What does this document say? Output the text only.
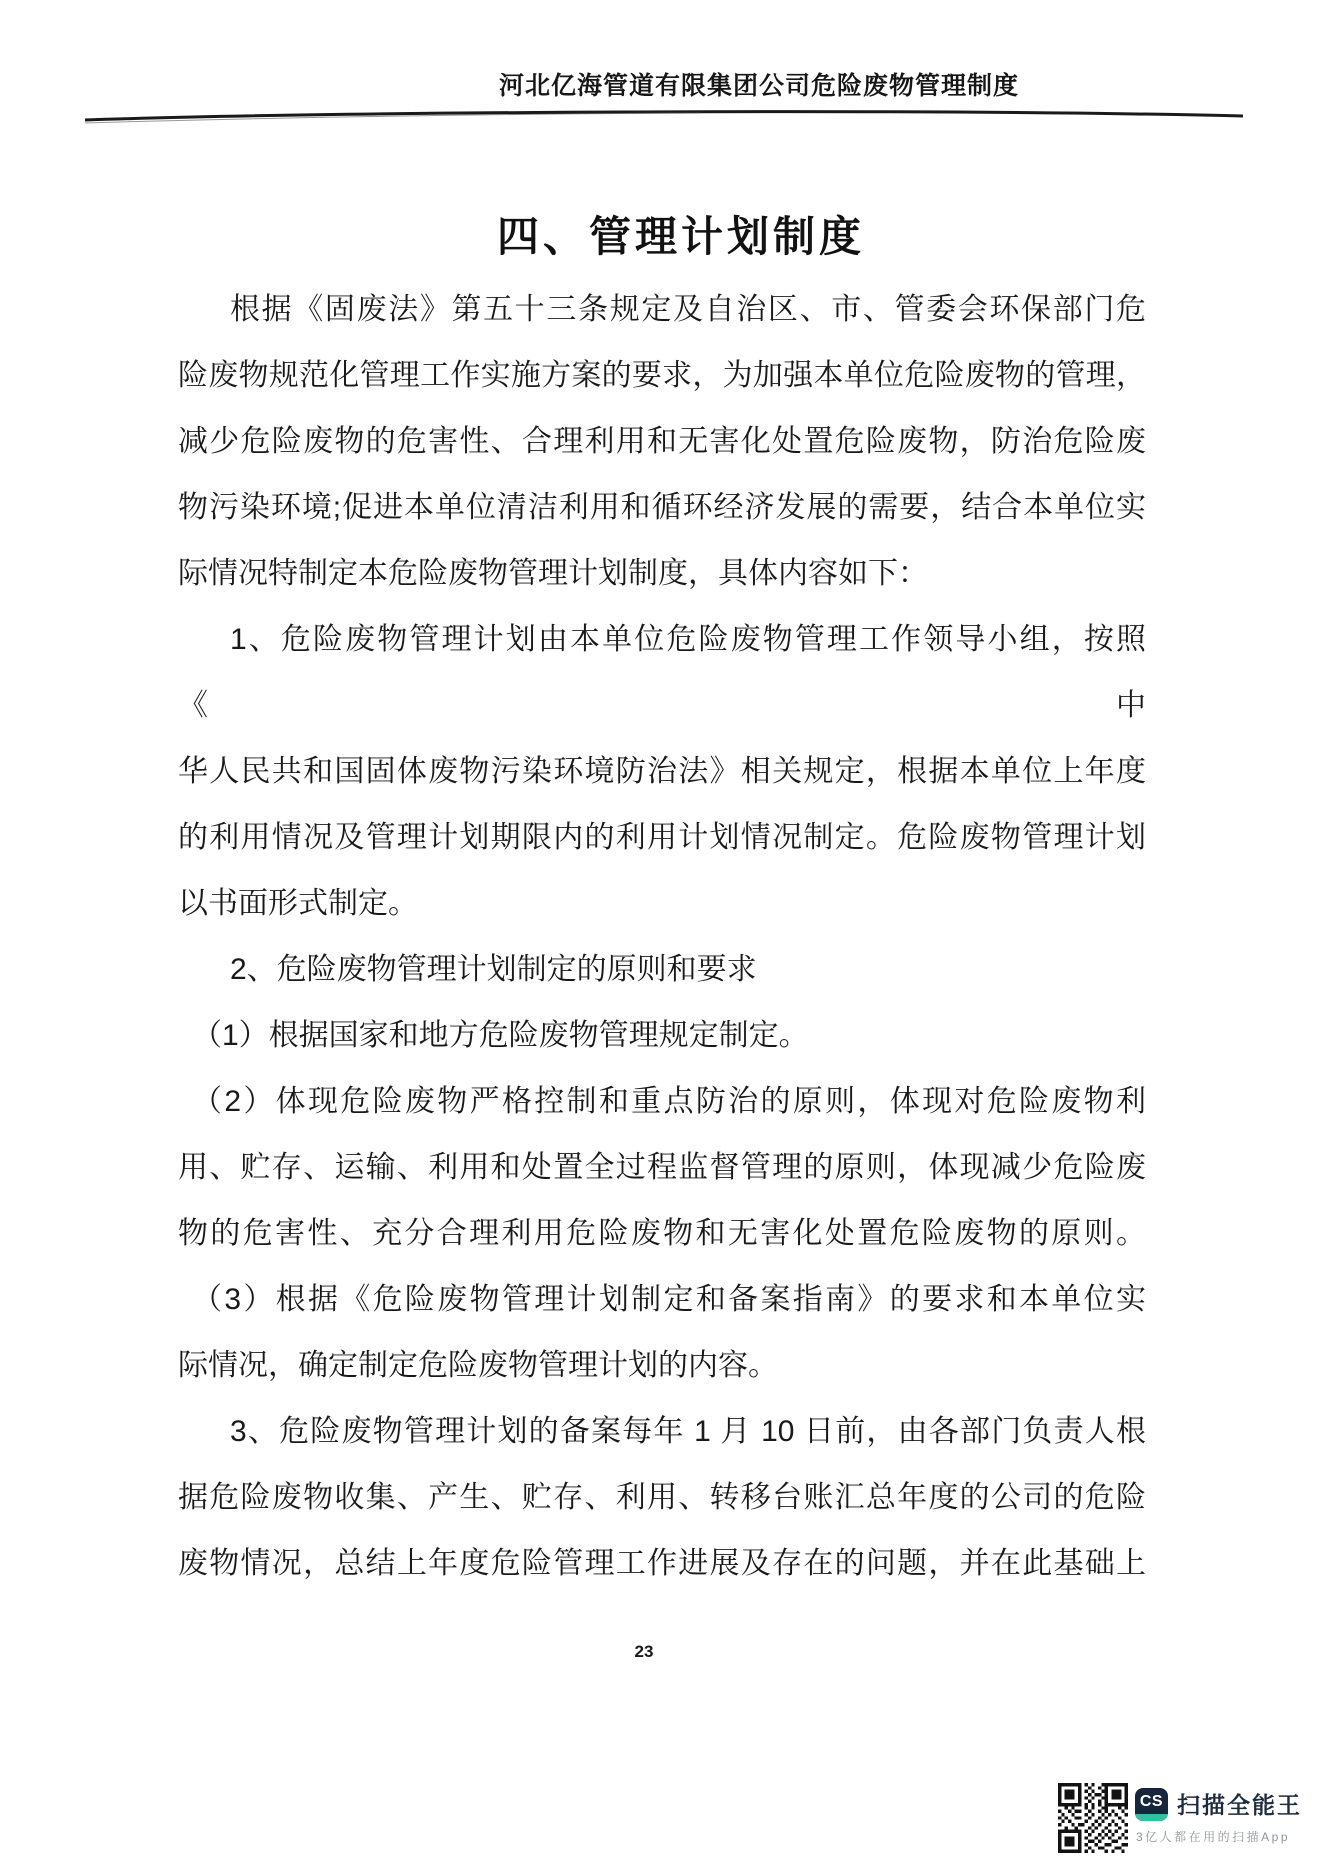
河北亿海管道有限集团公司危险废物管理制度
四、管理计划制度
根据《固废法》第五十三条规定及自治区、市、管委会环保部门危
险废物规范化管理工作实施方案的要求，为加强本单位危险废物的管理，
减少危险废物的危害性、合理利用和无害化处置危险废物，防治危险废
物污染环境;促进本单位清洁利用和循环经济发展的需要，结合本单位实
际情况特制定本危险废物管理计划制度，具体内容如下：
1、危险废物管理计划由本单位危险废物管理工作领导小组，按照《中
华人民共和国固体废物污染环境防治法》相关规定，根据本单位上年度
的利用情况及管理计划期限内的利用计划情况制定。危险废物管理计划
以书面形式制定。
2、危险废物管理计划制定的原则和要求
（1）根据国家和地方危险废物管理规定制定。
（2）体现危险废物严格控制和重点防治的原则，体现对危险废物利
用、贮存、运输、利用和处置全过程监督管理的原则，体现减少危险废
物的危害性、充分合理利用危险废物和无害化处置危险废物的原则。
（3）根据《危险废物管理计划制定和备案指南》的要求和本单位实
际情况，确定制定危险废物管理计划的内容。
3、危险废物管理计划的备案每年 1 月 10 日前，由各部门负责人根
据危险废物收集、产生、贮存、利用、转移台账汇总年度的公司的危险
废物情况，总结上年度危险管理工作进展及存在的问题，并在此基础上
23
CS 扫描全能王
3亿人都在用的扫描App
